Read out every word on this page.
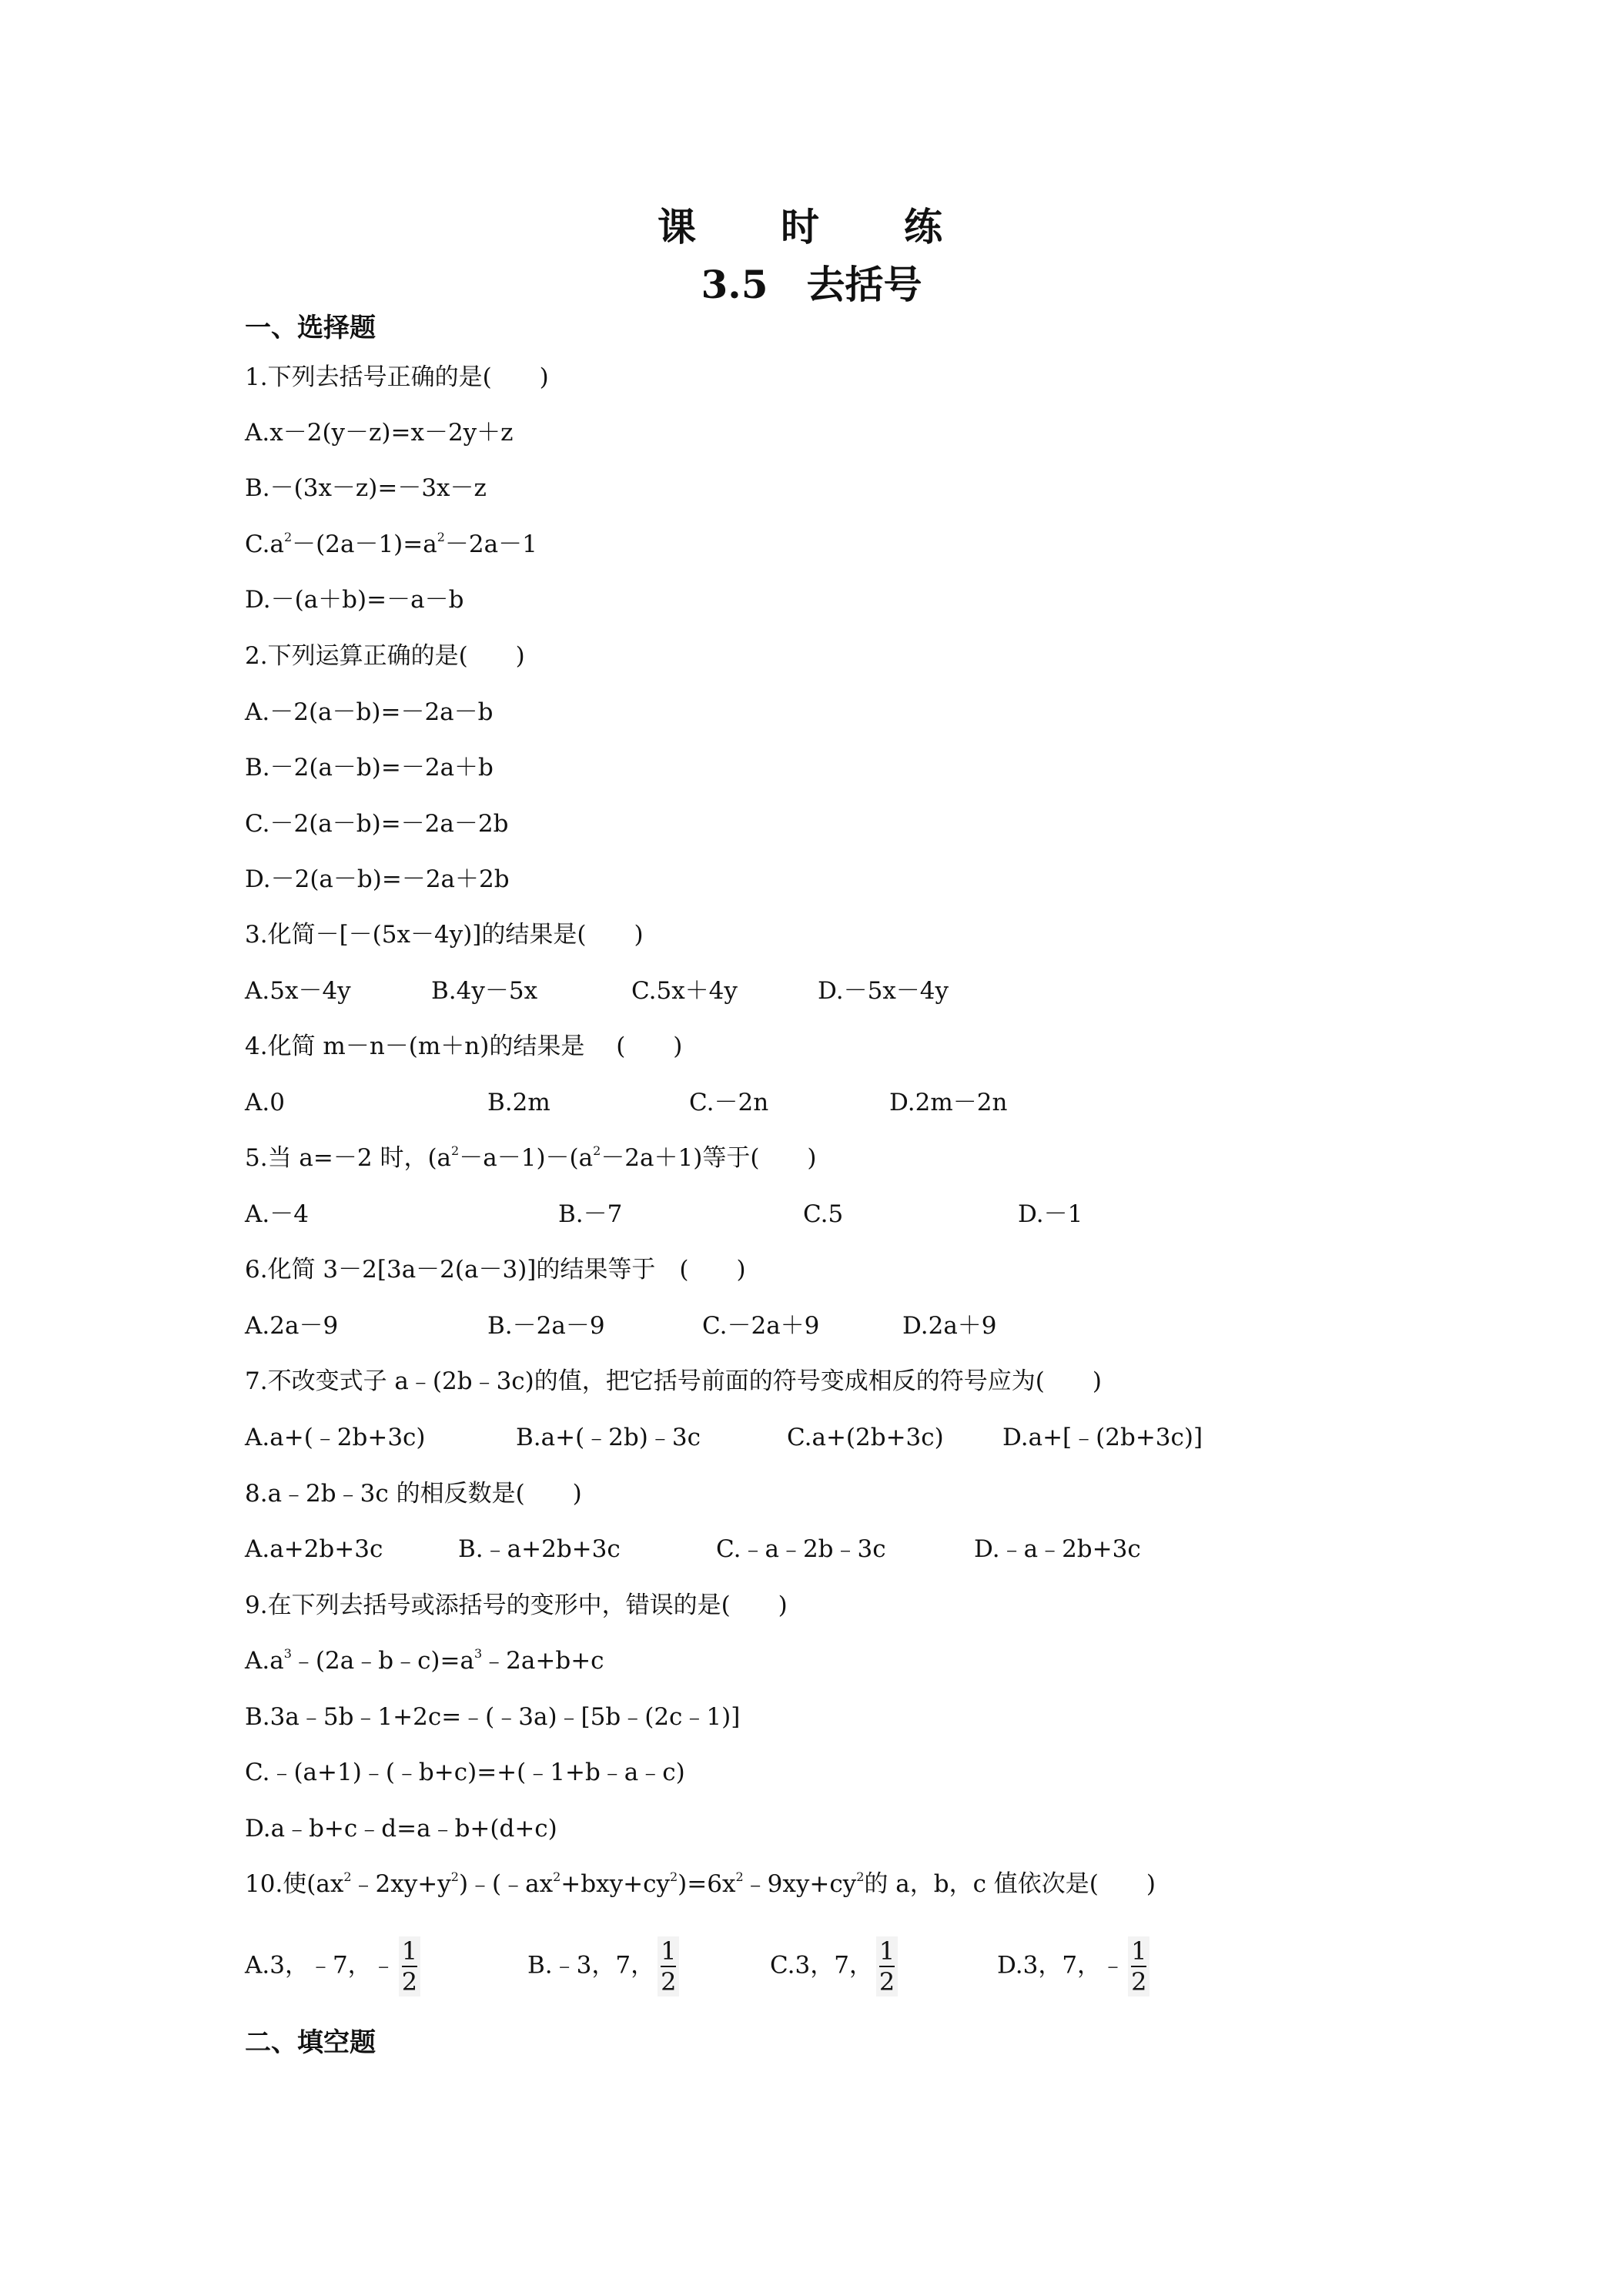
课　时　练
3.5 去括号
一、选择题

1.下列去括号正确的是(　　)

A.x－2(y－z)=x－2y＋z

B.－(3x－z)=－3x－z

$C.a^2-(2a-1)=a^2-2a-1$

D.－(a＋b)=－a－b

2.下列运算正确的是(　　)

A.－2(a－b)=－2a－b

B.－2(a－b)=－2a＋b

C.－2(a－b)=－2a－2b

D.－2(a－b)=－2a＋2b

3.化简－[－(5x－4y)]的结果是(　　)

A.5x－4y	B.4y－5x	C.5x＋4y	D.－5x－4y

4.化简 m－n－(m＋n)的结果是　 (　　)

A.0	B.2m	C.－2n	D.2m－2n

5.当 a=－2 时，$(a^2-a-1)-(a^2-2a+1)$等于(　　)

A.－4	B.－7	C.5	D.－1

6.化简 3－2[3a－2(a－3)]的结果等于　(　　)

A.2a－9	B.－2a－9	C.－2a＋9	D.2a＋9

7.不改变式子 a﹣(2b﹣3c)的值，把它括号前面的符号变成相反的符号应为(　　)

A.a+(﹣2b+3c)	B.a+(﹣2b)﹣3c	C.a+(2b+3c) D.a+[﹣(2b+3c)]

8.a﹣2b﹣3c 的相反数是(　　)

A.a+2b+3c	B.﹣a+2b+3c	C.﹣a﹣2b﹣3c	D.﹣a﹣2b+3c

9.在下列去括号或添括号的变形中，错误的是(　　)

$A.a^3﹣(2a﹣b﹣c)=a^3﹣2a+b+c$

B.3a﹣5b﹣1+2c=﹣(﹣3a)﹣[5b﹣(2c﹣1)]

C.﹣(a+1)﹣(﹣b+c)=+(﹣1+b﹣a﹣c)

D.a﹣b+c﹣d=a﹣b+(d+c)

10.使$(ax^2﹣2xy+y^2)﹣(﹣ax^2+bxy+cy^2)=6x^2﹣9xy+cy^2$的 a，b，c 值依次是(　　)

A.3，﹣7，﹣ $\frac{1}{2}$	B.﹣3，7， $\frac{1}{2}$	C.3，7， $\frac{1}{2}$	D.3，7，﹣ $\frac{1}{2}$
二、填空题
